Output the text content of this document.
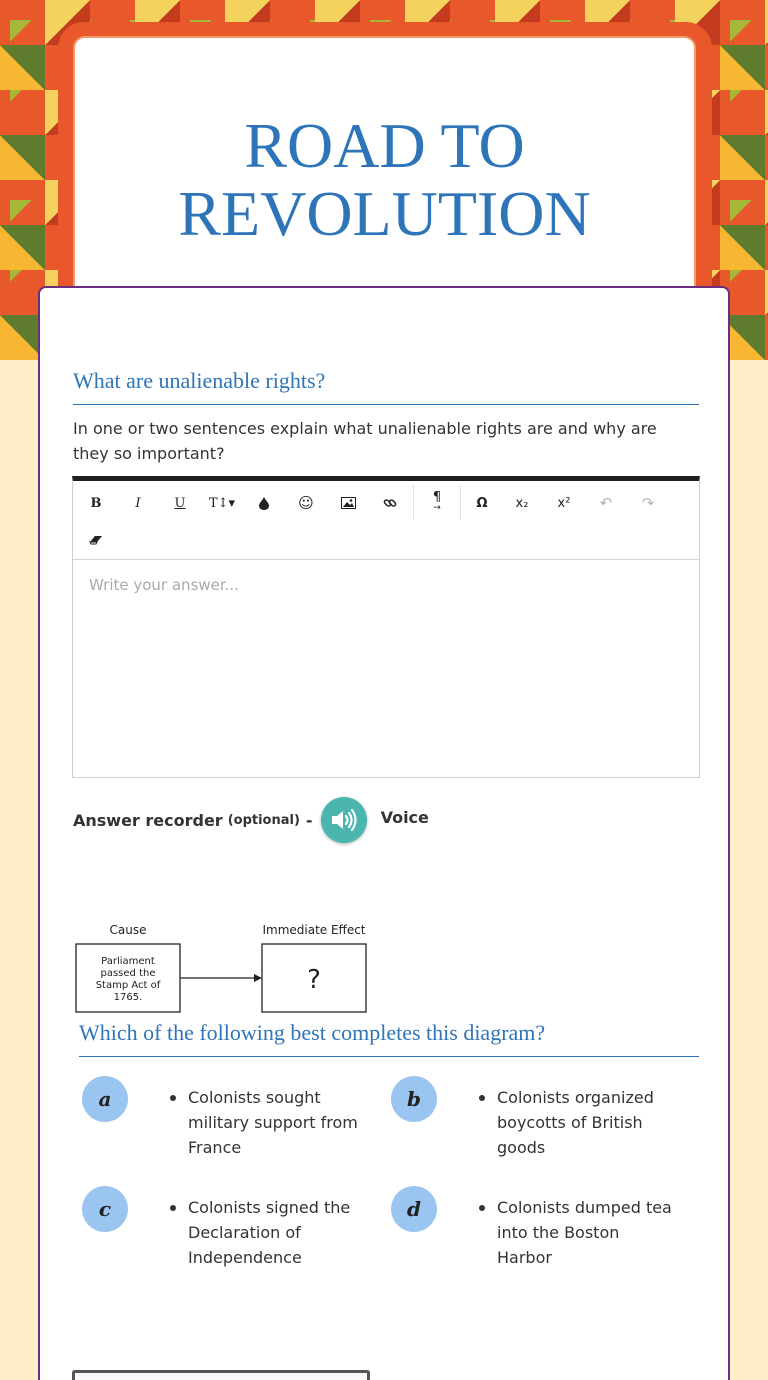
ROAD TO
REVOLUTION
What are unalienable rights?
In one or two sentences explain what unalienable rights are and why are they so important?
B	I	U	T↕▾	☺	¶
→	Ω	x₂	x²	↶	↷
Write your answer...
Answer recorder (optional) -	Voice
Cause	Immediate Effect
Parliament
passed the
Stamp Act of
1765.
?
Which of the following best completes this diagram?
a	Colonists sought military support from France
b	Colonists organized boycotts of British goods
c	Colonists signed the Declaration of Independence
d	Colonists dumped tea into the Boston Harbor
